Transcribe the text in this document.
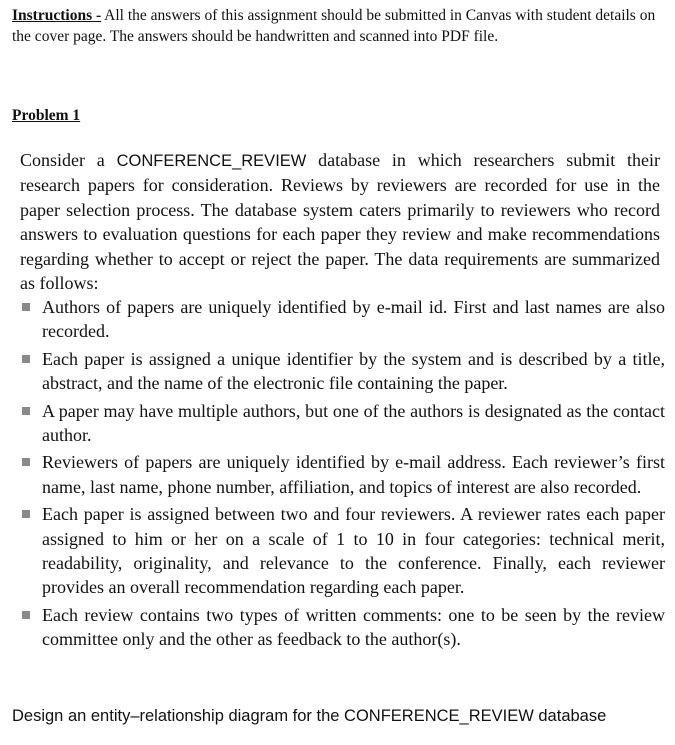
Instructions - All the answers of this assignment should be submitted in Canvas with student details on the cover page. The answers should be handwritten and scanned into PDF file.
Problem 1
Consider a CONFERENCE_REVIEW database in which researchers submit their research papers for consideration. Reviews by reviewers are recorded for use in the paper selection process. The database system caters primarily to reviewers who record answers to evaluation questions for each paper they review and make recommendations regarding whether to accept or reject the paper. The data requirements are summarized as follows:
Authors of papers are uniquely identified by e-mail id. First and last names are also recorded.
Each paper is assigned a unique identifier by the system and is described by a title, abstract, and the name of the electronic file containing the paper.
A paper may have multiple authors, but one of the authors is designated as the contact author.
Reviewers of papers are uniquely identified by e-mail address. Each reviewer’s first name, last name, phone number, affiliation, and topics of interest are also recorded.
Each paper is assigned between two and four reviewers. A reviewer rates each paper assigned to him or her on a scale of 1 to 10 in four categories: technical merit, readability, originality, and relevance to the conference. Finally, each reviewer provides an overall recommendation regarding each paper.
Each review contains two types of written comments: one to be seen by the review committee only and the other as feedback to the author(s).
Design an entity–relationship diagram for the CONFERENCE_REVIEW database
